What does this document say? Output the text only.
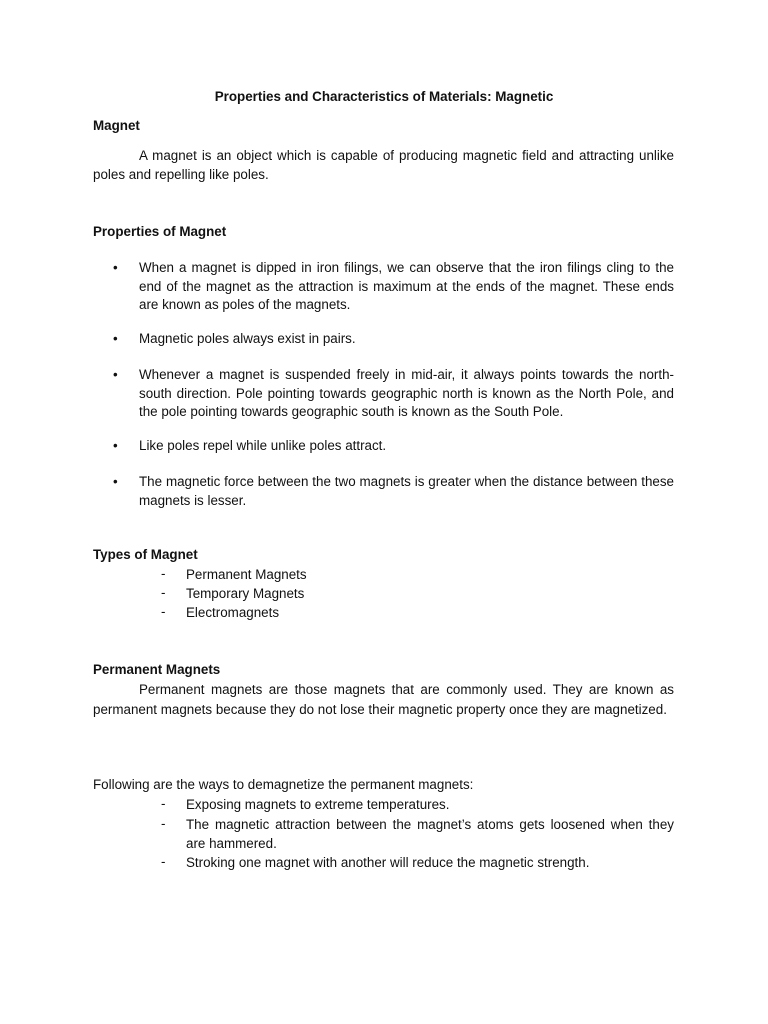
Properties and Characteristics of Materials: Magnetic

Magnet

A magnet is an object which is capable of producing magnetic field and attracting unlike poles and repelling like poles.

Properties of Magnet

•	When a magnet is dipped in iron filings, we can observe that the iron filings cling to the end of the magnet as the attraction is maximum at the ends of the magnet. These ends are known as poles of the magnets.

•	Magnetic poles always exist in pairs.

•	Whenever a magnet is suspended freely in mid-air, it always points towards the north-south direction. Pole pointing towards geographic north is known as the North Pole, and the pole pointing towards geographic south is known as the South Pole.

•	Like poles repel while unlike poles attract.

•	The magnetic force between the two magnets is greater when the distance between these magnets is lesser.

Types of Magnet

-	Permanent Magnets

-	Temporary Magnets

-	Electromagnets

Permanent Magnets

Permanent magnets are those magnets that are commonly used. They are known as permanent magnets because they do not lose their magnetic property once they are magnetized.

Following are the ways to demagnetize the permanent magnets:

-	Exposing magnets to extreme temperatures.

-	The magnetic attraction between the magnet’s atoms gets loosened when they are hammered.

-	Stroking one magnet with another will reduce the magnetic strength.
